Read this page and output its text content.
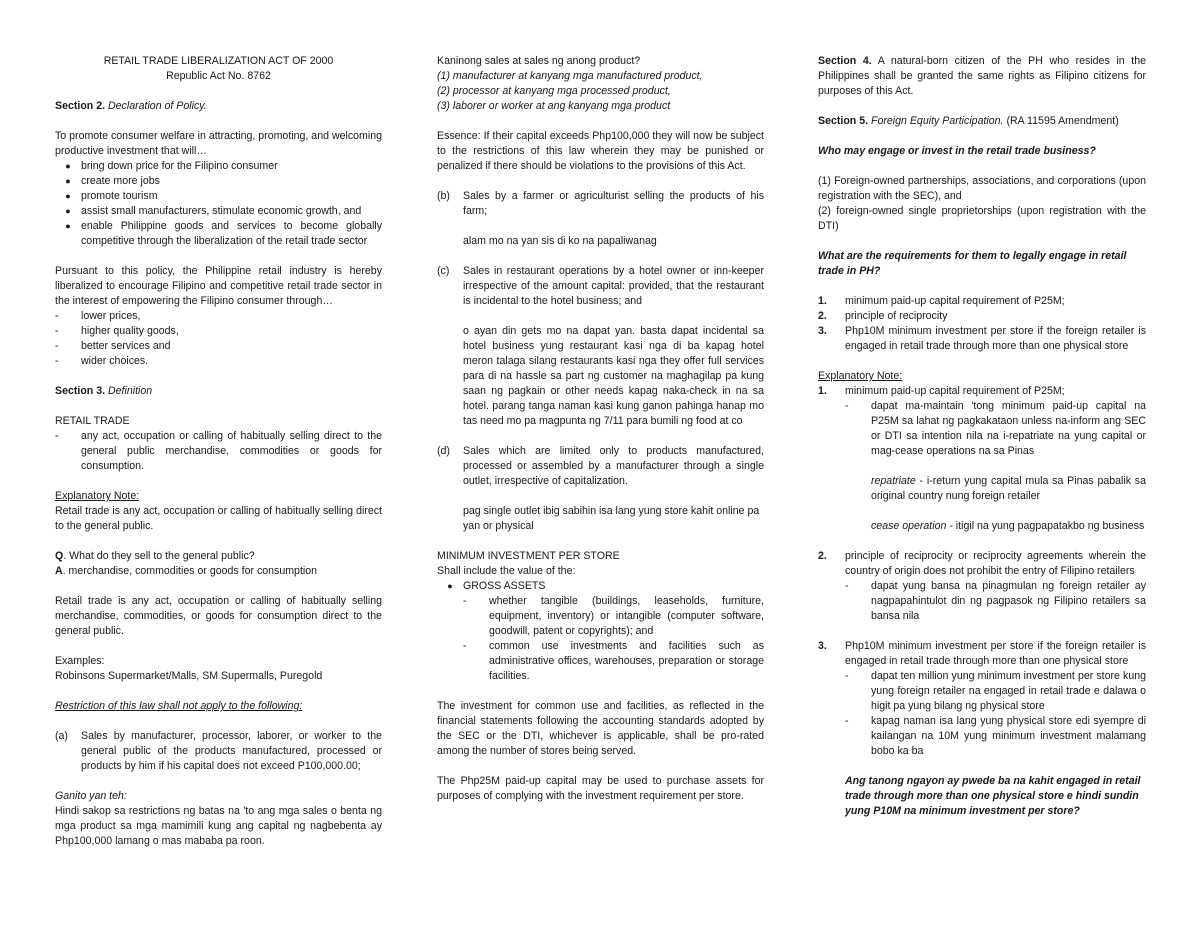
RETAIL TRADE LIBERALIZATION ACT OF 2000

Republic Act No. 8762

Section 2. Declaration of Policy.

To promote consumer welfare in attracting, promoting, and welcoming productive investment that will…

● bring down price for the Filipino consumer
● create more jobs
● promote tourism
● assist small manufacturers, stimulate economic growth, and
● enable Philippine goods and services to become globally competitive through the liberalization of the retail trade sector

Pursuant to this policy, the Philippine retail industry is hereby liberalized to encourage Filipino and competitive retail trade sector in the interest of empowering the Filipino consumer through…

-	lower prices,
-	higher quality goods,
-	better services and
-	wider choices.

Section 3. Definition

RETAIL TRADE

-	any act, occupation or calling of habitually selling direct to the general public merchandise, commodities or goods for consumption.

Explanatory Note:

Retail trade is any act, occupation or calling of habitually selling direct to the general public.

Q. What do they sell to the general public?

A. merchandise, commodities or goods for consumption

Retail trade is any act, occupation or calling of habitually selling merchandise, commodities, or goods for consumption direct to the general public.

Examples:

Robinsons Supermarket/Malls, SM Supermalls, Puregold

Restriction of this law shall not apply to the following:

(a)	Sales by manufacturer, processor, laborer, or worker to the general public of the products manufactured, processed or products by him if his capital does not exceed P100,000.00;

Ganito yan teh:

Hindi sakop sa restrictions ng batas na 'to ang mga sales o benta ng mga product sa mga mamimili kung ang capital ng nagbebenta ay Php100,000 lamang o mas mababa pa roon.

Kaninong sales at sales ng anong product?

(1) manufacturer at kanyang mga manufactured product,

(2) processor at kanyang mga processed product,

(3) laborer or worker at ang kanyang mga product

Essence: If their capital exceeds Php100,000 they will now be subject to the restrictions of this law wherein they may be punished or penalized if there should be violations to the provisions of this Act.

(b)	Sales by a farmer or agriculturist selling the products of his farm;

alam mo na yan sis di ko na papaliwanag

(c)	Sales in restaurant operations by a hotel owner or inn-keeper irrespective of the amount capital: provided, that the restaurant is incidental to the hotel business; and

o ayan din gets mo na dapat yan. basta dapat incidental sa hotel business yung restaurant kasi nga di ba kapag hotel meron talaga silang restaurants kasi nga they offer full services para di na hassle sa part ng customer na maghagilap pa kung saan ng pagkain or other needs kapag naka-check in na sa hotel. parang tanga naman kasi kung ganon pahinga hanap mo tas need mo pa magpunta ng 7/11 para bumili ng food at co

(d)	Sales which are limited only to products manufactured, processed or assembled by a manufacturer through a single outlet, irrespective of capitalization.

pag single outlet ibig sabihin isa lang yung store kahit online pa yan or physical

MINIMUM INVESTMENT PER STORE

Shall include the value of the:

● GROSS ASSETS
-	whether tangible (buildings, leaseholds, furniture, equipment, inventory) or intangible (computer software, goodwill, patent or copyrights); and
-	common use investments and facilities such as administrative offices, warehouses, preparation or storage facilities.

The investment for common use and facilities, as reflected in the financial statements following the accounting standards adopted by the SEC or the DTI, whichever is applicable, shall be pro-rated among the number of stores being served.

The Php25M paid-up capital may be used to purchase assets for purposes of complying with the investment requirement per store.

Section 4. A natural-born citizen of the PH who resides in the Philippines shall be granted the same rights as Filipino citizens for purposes of this Act.

Section 5. Foreign Equity Participation. (RA 11595 Amendment)

Who may engage or invest in the retail trade business?

(1) Foreign-owned partnerships, associations, and corporations (upon registration with the SEC), and

(2) foreign-owned single proprietorships (upon registration with the DTI)

What are the requirements for them to legally engage in retail trade in PH?

1.	minimum paid-up capital requirement of P25M;
2.	principle of reciprocity
3.	Php10M minimum investment per store if the foreign retailer is engaged in retail trade through more than one physical store

Explanatory Note:

1.	minimum paid-up capital requirement of P25M;
-	dapat ma-maintain 'tong minimum paid-up capital na P25M sa lahat ng pagkakataon unless na-inform ang SEC or DTI sa intention nila na i-repatriate na yung capital or mag-cease operations na sa Pinas

repatriate - i-return yung capital mula sa Pinas pabalik sa original country nung foreign retailer

cease operation - itigil na yung pagpapatakbo ng business

2.	principle of reciprocity or reciprocity agreements wherein the country of origin does not prohibit the entry of Filipino retailers
-	dapat yung bansa na pinagmulan ng foreign retailer ay nagpapahintulot din ng pagpasok ng Filipino retailers sa bansa nila
3.	Php10M minimum investment per store if the foreign retailer is engaged in retail trade through more than one physical store
-	dapat ten million yung minimum investment per store kung yung foreign retailer na engaged in retail trade e dalawa o higit pa yung bilang ng physical store
-	kapag naman isa lang yung physical store edi syempre di kailangan na 10M yung minimum investment malamang bobo ka ba

Ang tanong ngayon ay pwede ba na kahit engaged in retail trade through more than one physical store e hindi sundin yung P10M na minimum investment per store?
